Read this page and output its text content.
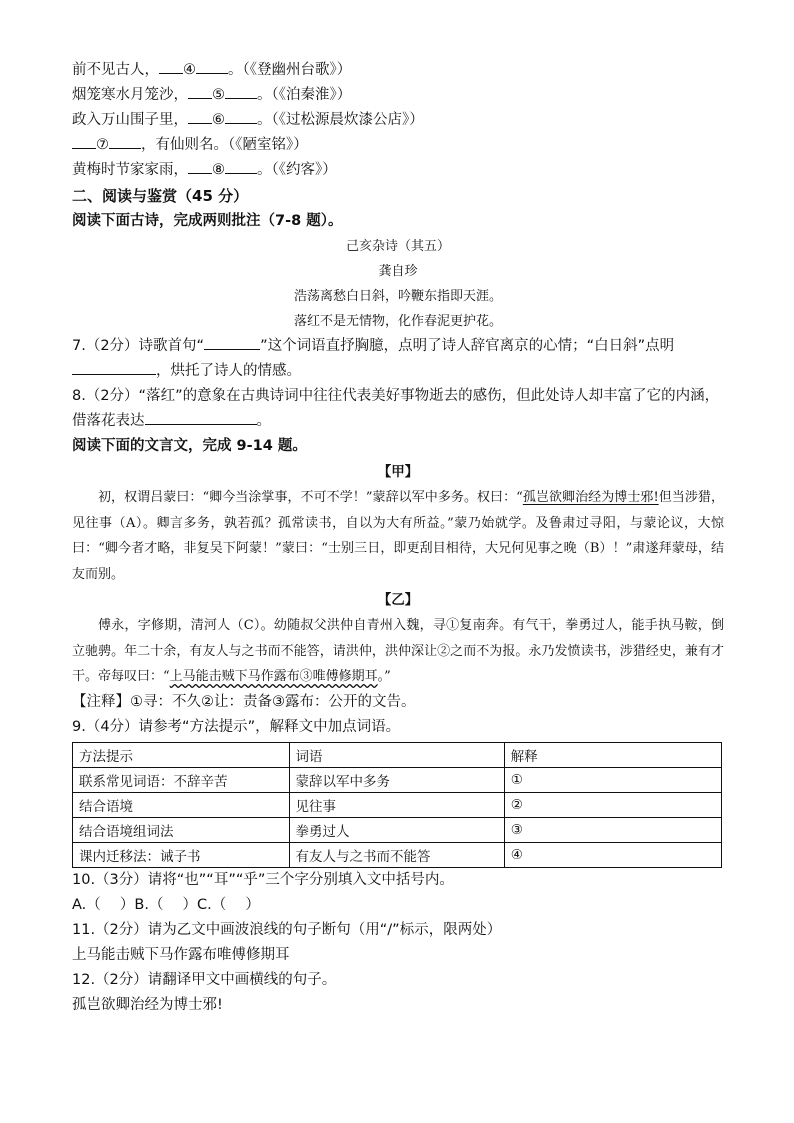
前不见古人， ④ 。（《登幽州台歌》）
烟笼寒水月笼沙， ⑤ 。（《泊秦淮》）
政入万山围子里， ⑥ 。（《过松源晨炊漆公店》）
⑦ ，有仙则名。（《陋室铭》）
黄梅时节家家雨， ⑧ 。（《约客》）
二、阅读与鉴赏（45 分）
阅读下面古诗，完成两则批注（7-8 题）。
己亥杂诗（其五）
龚自珍
浩荡离愁白日斜，吟鞭东指即天涯。
落红不是无情物，化作春泥更护花。
7.（2分）诗歌首句“	”这个词语直抒胸臆，点明了诗人辞官离京的心情；“白日斜”点明
，烘托了诗人的情感。
8.（2分）“落红”的意象在古典诗词中往往代表美好事物逝去的感伤，但此处诗人却丰富了它的内涵，
借落花表达	。
阅读下面的文言文，完成 9-14 题。
【甲】
初，权谓吕蒙曰：“卿今当涂掌事，不可不学！”蒙辞以军中多务。权曰：“孤岂欲卿治经为博士邪!但当涉猎，见往事（A）。卿言多务，孰若孤？孤常读书，自以为大有所益。”蒙乃始就学。及鲁肃过寻阳，与蒙论议，大惊曰：“卿今者才略，非复吴下阿蒙！”蒙曰：“士别三日，即更刮目相待，大兄何见事之晚（B）！”肃遂拜蒙母，结友而别。
【乙】
傅永，字修期，清河人（C）。幼随叔父洪仲自青州入魏，寻①复南奔。有气干，拳勇过人，能手执马鞍，倒立驰骋。年二十余，有友人与之书而不能答，请洪仲，洪仲深让②之而不为报。永乃发愤读书，涉猎经史，兼有才干。帝每叹曰：“上马能击贼下马作露布③唯傅修期耳。”
【注释】①寻：不久②让：责备③露布：公开的文告。
9.（4分）请参考“方法提示”，解释文中加点词语。
方法提示	词语	解释
联系常见词语：不辞辛苦	蒙辞以军中多务	①
结合语境	见往事	②
结合语境组词法	拳勇过人	③
课内迁移法：诫子书	有友人与之书而不能答	④
10.（3分）请将“也”“耳”“乎”三个字分别填入文中括号内。
A.（　 ）B.（　 ）C.（　 ）
11.（2分）请为乙文中画波浪线的句子断句（用“/”标示，限两处）
上马能击贼下马作露布唯傅修期耳
12.（2分）请翻译甲文中画横线的句子。
孤岂欲卿治经为博士邪!
